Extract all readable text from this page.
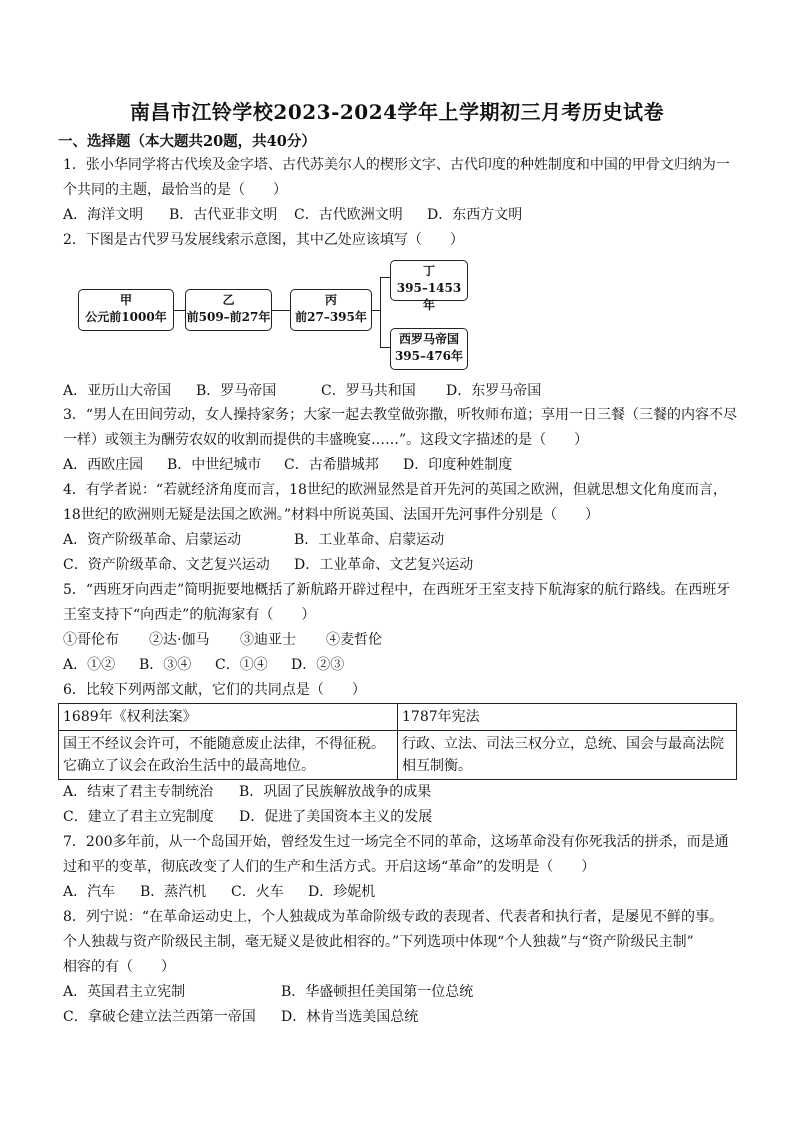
南昌市江铃学校2023-2024学年上学期初三月考历史试卷
一、选择题（本大题共20题，共40分）
1．张小华同学将古代埃及金字塔、古代苏美尔人的楔形文字、古代印度的种姓制度和中国的甲骨文归纳为一
个共同的主题，最恰当的是（　　）
A．海洋文明 B．古代亚非文明 C．古代欧洲文明 D．东西方文明
2．下图是古代罗马发展线索示意图，其中乙处应该填写（　　）
甲
公元前1000年
乙
前509–前27年
丙
前27–395年
丁
395–1453年
西罗马帝国
395–476年
A．亚历山大帝国 B．罗马帝国	C．罗马共和国 D．东罗马帝国
3．“男人在田间劳动，女人操持家务；大家一起去教堂做弥撒，听牧师布道；享用一日三餐（三餐的内容不尽
一样）或领主为酬劳农奴的收割而提供的丰盛晚宴……”。这段文字描述的是（　　）
A．西欧庄园 B．中世纪城市 C．古希腊城邦 D．印度种姓制度
4．有学者说：“若就经济角度而言，18世纪的欧洲显然是首开先河的英国之欧洲，但就思想文化角度而言，
18世纪的欧洲则无疑是法国之欧洲。”材料中所说英国、法国开先河事件分别是（　　）
A．资产阶级革命、启蒙运动	B．工业革命、启蒙运动
C．资产阶级革命、文艺复兴运动 D．工业革命、文艺复兴运动
5．“西班牙向西走”简明扼要地概括了新航路开辟过程中，在西班牙王室支持下航海家的航行路线。在西班牙
王室支持下“向西走”的航海家有（　　）
①哥伦布 ②达·伽马 ③迪亚士 ④麦哲伦
A．①② B．③④ C．①④ D．②③
6．比较下列两部文献，它们的共同点是（　　）
1689年《权利法案》	1787年宪法
国王不经议会许可，不能随意废止法律，不得征税。它确立了议会在政治生活中的最高地位。	行政、立法、司法三权分立，总统、国会与最高法院相互制衡。
A．结束了君主专制统治 B．巩固了民族解放战争的成果
C．建立了君主立宪制度 D．促进了美国资本主义的发展
7．200多年前，从一个岛国开始，曾经发生过一场完全不同的革命，这场革命没有你死我活的拼杀，而是通
过和平的变革，彻底改变了人们的生产和生活方式。开启这场“革命”的发明是（　　）
A．汽车 B．蒸汽机 C．火车 D．珍妮机
8．列宁说：“在革命运动史上，个人独裁成为革命阶级专政的表现者、代表者和执行者，是屡见不鲜的事。
个人独裁与资产阶级民主制，毫无疑义是彼此相容的。”下列选项中体现“个人独裁”与“资产阶级民主制”
相容的有（　　）
A．英国君主立宪制	B．华盛顿担任美国第一位总统
C．拿破仑建立法兰西第一帝国 D．林肯当选美国总统
